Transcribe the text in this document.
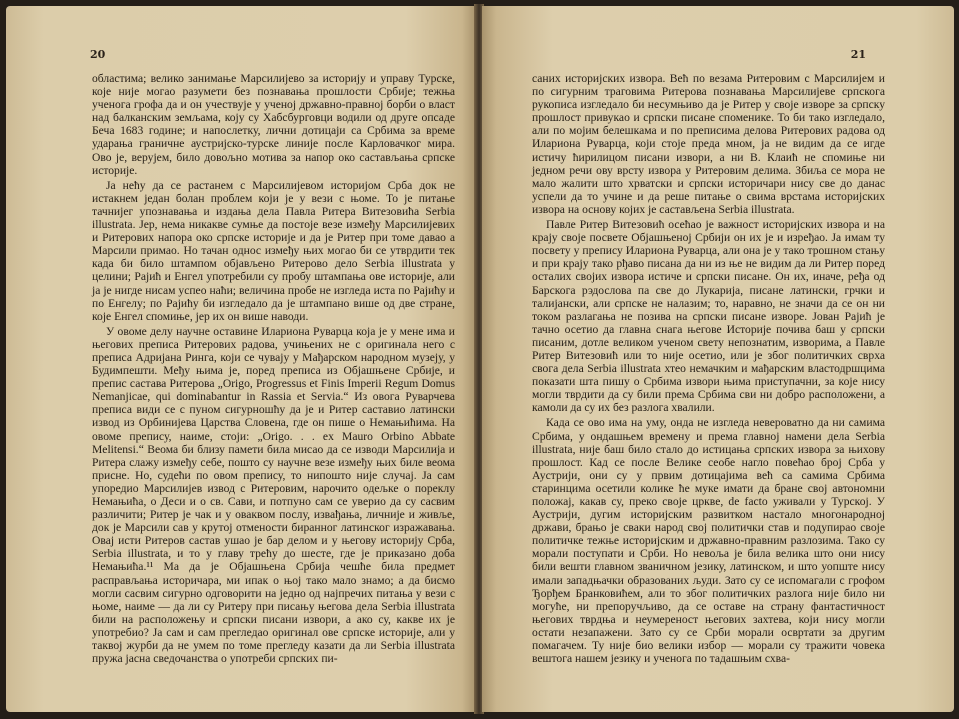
20

областима; велико занимање Марсилијево за историју и управу Турске, које није могао разумети без познавања прошлости Србије; тежња ученога грофа да и он учествује у ученој државно-правној борби о власт над балканским земљама, коју су Хабсбурговци водили од друге опсаде Беча 1683 године; и напослетку, лични дотицаји са Србима за време ударања граничне аустријско-турске линије после Карловачког мира. Ово је, верујем, било довољно мотива за напор око састављања српске историје.

Ја нећу да се растанем с Марсилијевом историјом Срба док не истакнем један болан проблем који је у вези с њоме. То је питање тачнијег упознавања и издања дела Павла Ритера Витезовића Serbia illustrata. Јер, нема никакве сумње да постоје везе између Марсилијевих и Ритерових напора око српске историје и да је Ритер при томе давао а Марсили примао. Но тачан однос између њих могао би се утврдити тек када би било штампом објављено Ритерово дело Serbia illustrata у целини; Рајић и Енгел употребили су пробу штампања ове историје, али ја је нигде нисам успео наћи; величина пробе не изгледа иста по Рајићу и по Енгелу; по Рајићу би изгледало да је штампано више од две стране, које Енгел спомиње, јер их он више наводи.

У овоме делу научне оставине Илариона Руварца која је у мене има и његових преписа Ритерових радова, учињених не с оригинала него с преписа Адријана Ринга, који се чувају у Мађарском народном музеју, у Будимпешти. Међу њима је, поред преписа из Објашњене Србије, и препис састава Ритерова „Origo, Progressus et Finis Imperii Regum Domus Nemanjicae, qui dominabantur in Rassia et Servia.“ Из овога Руварчева преписа види се с пуном сигурношћу да је и Ритер саставио латински извод из Орбинијева Царства Словена, где он пише о Немањићима. На овоме препису, наиме, стоји: „Origo. . . ex Mauro Orbino Abbate Melitensi.“ Веома би близу памети била мисао да се изводи Марсилија и Ритера слажу између себе, пошто су научне везе између њих биле веома присне. Но, судећи по овом препису, то нипошто није случај. Ја сам упоредио Марсилијев извод с Ритеровим, нарочито одељке о пореклу Немањића, о Деси и о св. Сави, и потпуно сам се уверио да су сасвим различити; Ритер је чак и у оваквом послу, извађања, личније и живље, док је Марсили сав у крутој отмености биранног латинског изражавања. Овај исти Ритеров састав ушао је бар делом и у његову историју Срба, Serbia illustrata, и то у главу трећу до шесте, где је приказано доба Немањића.¹¹ Ма да је Објашњена Србија чешће била предмет расправљања историчара, ми ипак о њој тако мало знамо; а да бисмо могли сасвим сигурно одговорити на једно од најпречих питања у вези с њоме, наиме — да ли су Ритеру при писању његова дела Serbia illustrata били на расположењу и српски писани извори, а ако су, какве их је употребио? Ја сам и сам прегледао оригинал ове српске историје, али у таквој журби да не умем по томе прегледу казати да ли Serbia illustrata пружа јасна сведочанства о употреби српских пи-

21

саних историјских извора. Већ по везама Ритеровим с Марсилијем и по сигурним траговима Ритерова познавања Марсилијеве српскога рукописа изгледало би несумњиво да је Ритер у своје изворе за српску прошлост привукао и српски писане споменике. То би тако изгледало, али по мојим белешкама и по преписима делова Ритерових радова од Илариона Руварца, који стоје преда мном, ја не видим да се игде истичу ћирилицом писани извори, а ни В. Клаић не спомиње ни једном речи ову врсту извора у Ритеровим делима. Збиља се мора не мало жалити што хрватски и српски историчари нису све до данас успели да то учине и да реше питање о свима врстама историјских извора на основу којих је састављена Serbia illustrata.

Павле Ритер Витезовић осећао је важност историјских извора и на крају своје посвете Објашњеној Србији он их је и изређао. Ја имам ту посвету у препису Илариона Руварца, али она је у тако трошном стању и при крају тако рђаво писана да ни из ње не видим да ли Ритер поред осталих својих извора истиче и српски писане. Он их, иначе, ређа од Барскога рэдослова па све до Лукарија, писане латински, грчки и талијански, али српске не налазим; то, наравно, не значи да се он ни током разлагања не позива на српски писане изворе. Јован Рајић је тачно осетио да главна снага његове Историје почива баш у српски писаним, дотле великом ученом свету непознатим, изворима, а Павле Ритер Витезовић или то није осетио, или је због политичких сврха свога дела Serbia illustrata хтео немачким и мађарским властодршцима показати шта пишу о Србима извори њима приступачни, за које нису могли тврдити да су били према Србима сви ни добро расположени, а камоли да су их без разлога хвалили.

Када се ово има на уму, онда не изгледа невероватно да ни самима Србима, у ондашњем времену и према главној намени дела Serbia illustrata, није баш било стало до истицања српских извора за њихову прошлост. Кад се после Велике сеобе нагло повећао број Срба у Аустрији, они су у првим дотицајима већ са самима Србима старинцима осетили колике ће муке имати да бране свој автономни положај, какав су, преко своје цркве, de facto уживали у Турској. У Аустрији, дугим историјским развитком настало многонародној држави, брањо је сваки народ свој политички став и подупирао своје политичке тежње историјским и државно-правним разлозима. Тако су морали поступати и Срби. Но невоља је била велика што они нису били вешти главном званичном језику, латинском, и што уопште нису имали западњачки образованих људи. Зато су се испомагали с грофом Ђорђем Бранковићем, али то због политичких разлога није било ни могуће, ни препоручљиво, да се оставе на страну фантастичност његових тврдња и неумереност његових захтева, који нису могли остати незапажени. Зато су се Срби морали освртати за другим помагачем. Ту није био велики избор — морали су тражити човека вештога нашем језику и ученога по тадашњим схва-
